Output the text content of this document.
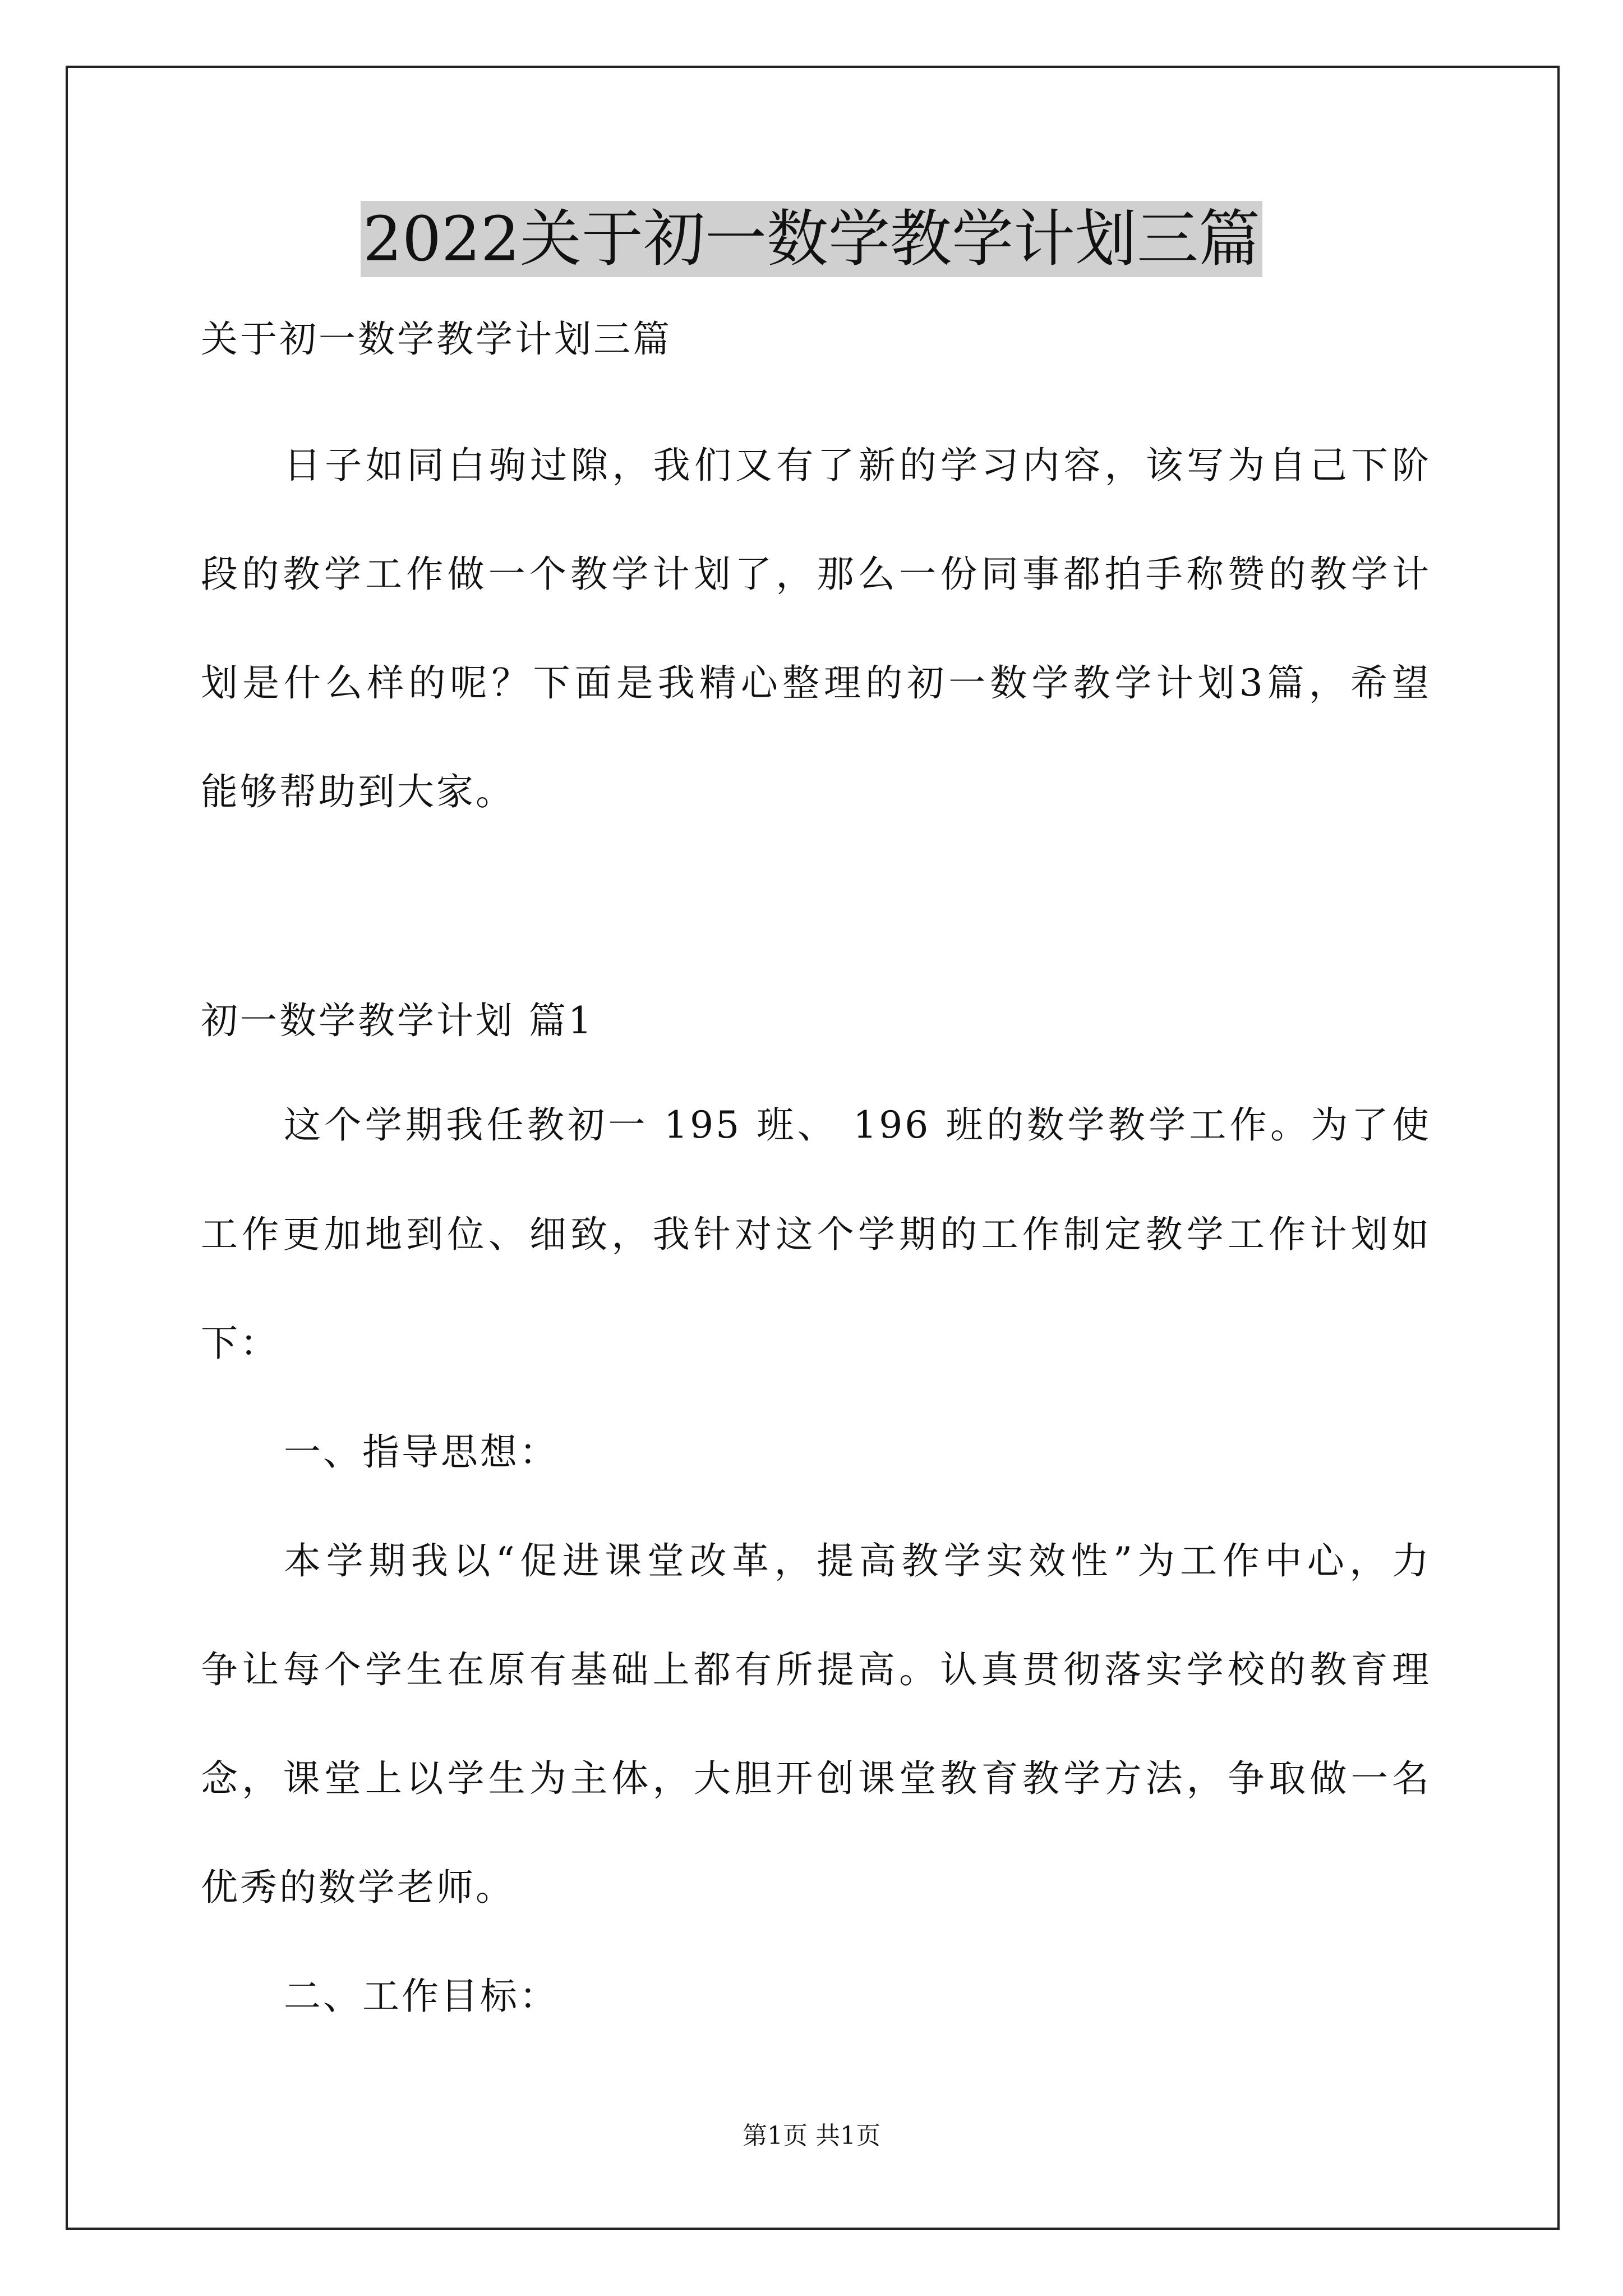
2022关于初一数学教学计划三篇
关于初一数学教学计划三篇
日子如同白驹过隙，我们又有了新的学习内容，该写为自己下阶
段的教学工作做一个教学计划了，那么一份同事都拍手称赞的教学计
划是什么样的呢？下面是我精心整理的初一数学教学计划3篇，希望
能够帮助到大家。
初一数学教学计划 篇1
这个学期我任教初一 195 班、 196 班的数学教学工作。为了使
工作更加地到位、细致，我针对这个学期的工作制定教学工作计划如
下：
一、指导思想：
本学期我以“促进课堂改革，提高教学实效性”为工作中心，力
争让每个学生在原有基础上都有所提高。认真贯彻落实学校的教育理
念，课堂上以学生为主体，大胆开创课堂教育教学方法，争取做一名
优秀的数学老师。
二、工作目标：
第1页 共1页
